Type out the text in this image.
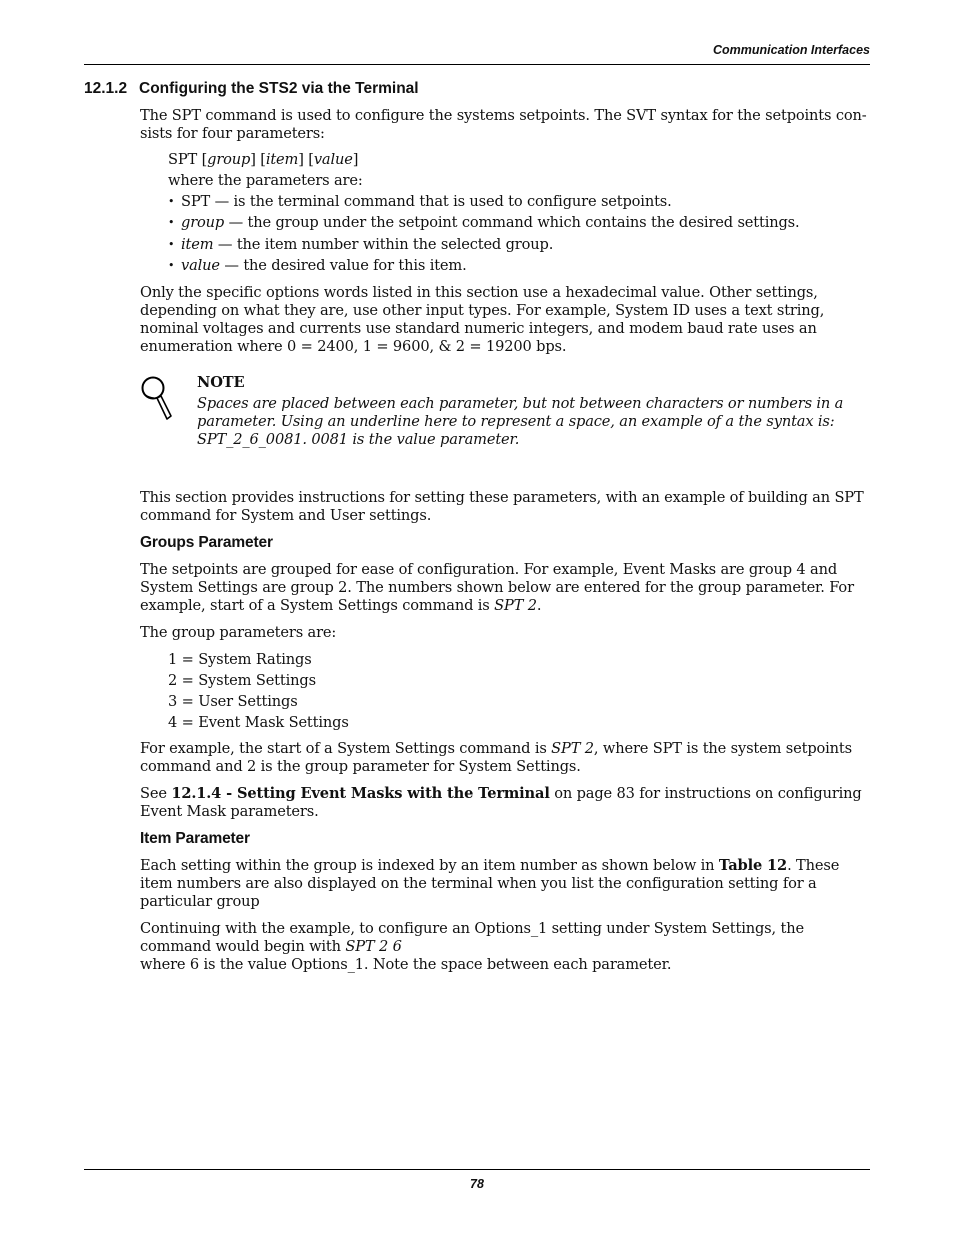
Communication Interfaces
12.1.2 Configuring the STS2 via the Terminal

The SPT command is used to configure the systems setpoints. The SVT syntax for the setpoints consists for four parameters:

SPT [group] [item] [value]
where the parameters are:
• SPT — is the terminal command that is used to configure setpoints.
• group — the group under the setpoint command which contains the desired settings.
• item — the item number within the selected group.
• value — the desired value for this item.

Only the specific options words listed in this section use a hexadecimal value. Other settings, depending on what they are, use other input types. For example, System ID uses a text string, nominal voltages and currents use standard numeric integers, and modem baud rate uses an enumeration where 0 = 2400, 1 = 9600, & 2 = 19200 bps.

NOTE
Spaces are placed between each parameter, but not between characters or numbers in a parameter. Using an underline here to represent a space, an example of a the syntax is: SPT_2_6_0081. 0081 is the value parameter.

This section provides instructions for setting these parameters, with an example of building an SPT command for System and User settings.

Groups Parameter

The setpoints are grouped for ease of configuration. For example, Event Masks are group 4 and System Settings are group 2. The numbers shown below are entered for the group parameter. For example, start of a System Settings command is SPT 2.

The group parameters are:

1 = System Ratings
2 = System Settings
3 = User Settings
4 = Event Mask Settings

For example, the start of a System Settings command is SPT 2, where SPT is the system setpoints command and 2 is the group parameter for System Settings.

See 12.1.4 - Setting Event Masks with the Terminal on page 83 for instructions on configuring Event Mask parameters.

Item Parameter

Each setting within the group is indexed by an item number as shown below in Table 12. These item numbers are also displayed on the terminal when you list the configuration setting for a particular group

Continuing with the example, to configure an Options_1 setting under System Settings, the command would begin with SPT 2 6
where 6 is the value Options_1. Note the space between each parameter.

78
